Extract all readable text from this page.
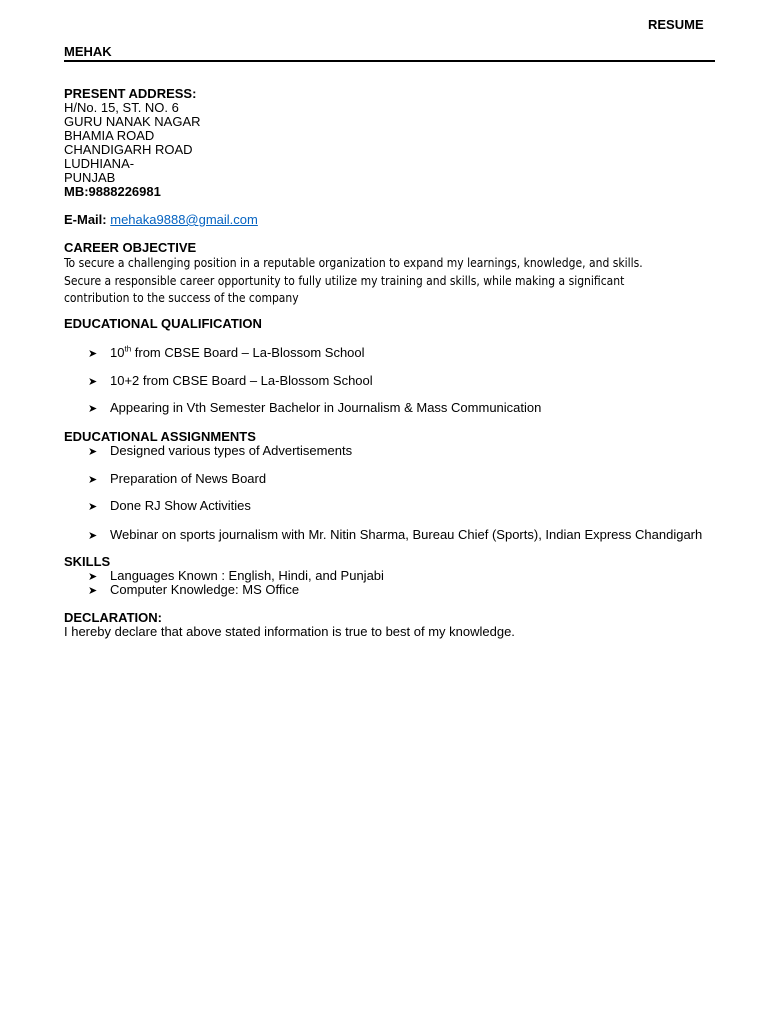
RESUME
MEHAK
PRESENT ADDRESS:
H/No. 15, ST. NO. 6
GURU NANAK NAGAR
BHAMIA ROAD
CHANDIGARH ROAD
LUDHIANA-
PUNJAB
MB:9888226981
E-Mail: mehaka9888@gmail.com
CAREER OBJECTIVE
To secure a challenging position in a reputable organization to expand my learnings, knowledge, and skills.
Secure a responsible career opportunity to fully utilize my training and skills, while making a significant
contribution to the success of the company
EDUCATIONAL QUALIFICATION
➤ 10th from CBSE Board – La-Blossom School
➤ 10+2 from CBSE Board – La-Blossom School
➤ Appearing in Vth Semester Bachelor in Journalism & Mass Communication
EDUCATIONAL ASSIGNMENTS
➤ Designed various types of Advertisements
➤ Preparation of News Board
➤ Done RJ Show Activities
➤ Webinar on sports journalism with Mr. Nitin Sharma, Bureau Chief (Sports), Indian Express Chandigarh
SKILLS
➤ Languages Known : English, Hindi, and Punjabi
➤ Computer Knowledge: MS Office
DECLARATION:
I hereby declare that above stated information is true to best of my knowledge.
